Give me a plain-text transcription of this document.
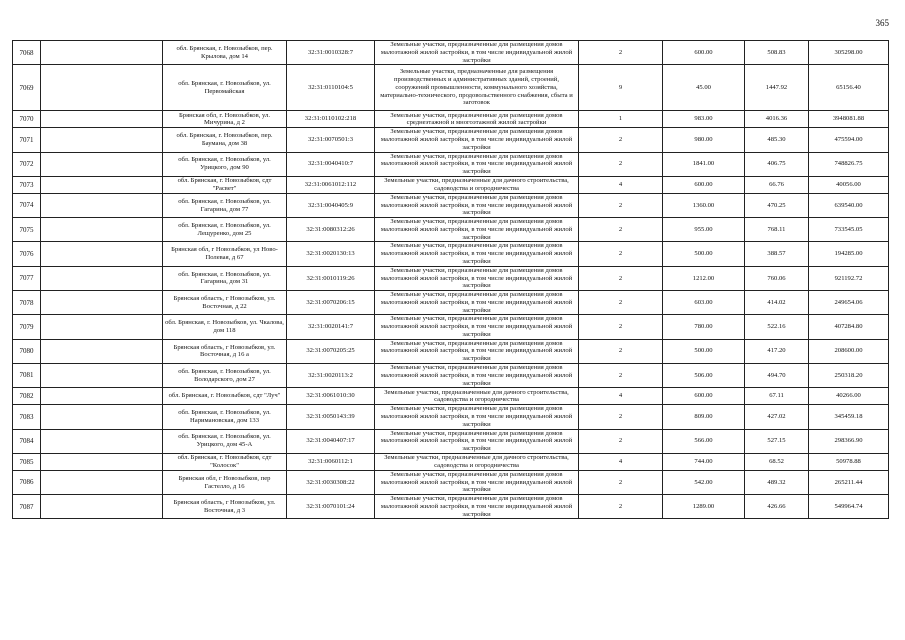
365
7068		обл. Брянская, г. Новозыбков, пер. Крылова, дом 14	32:31:0010328:7	Земельные участки, предназначенные для размещения домов малоэтажной жилой застройки, в том числе индивидуальной жилой застройки	2	600.00	508.83	305298.00
7069		обл. Брянская, г. Новозыбков, ул. Первомайская	32:31:0110104:5	Земельные участки, предназначенные для размещения производственных и административных зданий, строений, сооружений промышленности, коммунального хозяйства, материально-технического, продовольственного снабжения, сбыта и заготовок	9	45.00	1447.92	65156.40
7070		Брянская обл, г. Новозыбков, ул. Мичурина, д 2	32:31:0110102:218	Земельные участки, предназначенные для размещения домов среднеэтажной и многоэтажной жилой застройки	1	983.00	4016.36	3948081.88
7071		обл. Брянская, г. Новозыбков, пер. Баумана, дом 38	32:31:0070501:3	Земельные участки, предназначенные для размещения домов малоэтажной жилой застройки, в том числе индивидуальной жилой застройки	2	980.00	485.30	475594.00
7072		обл. Брянская, г. Новозыбков, ул. Урицкого, дом 90	32:31:0040410:7	Земельные участки, предназначенные для размещения домов малоэтажной жилой застройки, в том числе индивидуальной жилой застройки	2	1841.00	406.75	748826.75
7073		обл. Брянская, г. Новозыбков, сдт "Расвет"	32:31:0061012:112	Земельные участки, предназначенные для дачного строительства, садоводства и огородничества	4	600.00	66.76	40056.00
7074		обл. Брянская, г. Новозыбков, ул. Гагарина, дом 77	32:31:0040405:9	Земельные участки, предназначенные для размещения домов малоэтажной жилой застройки, в том числе индивидуальной жилой застройки	2	1360.00	470.25	639540.00
7075		обл. Брянская, г. Новозыбков, ул. Лещуренко, дом 25	32:31:0080312:26	Земельные участки, предназначенные для размещения домов малоэтажной жилой застройки, в том числе индивидуальной жилой застройки	2	955.00	768.11	733545.05
7076		Брянская обл, г Новозыбков, ул Ново-Полевая, д 67	32:31:0020130:13	Земельные участки, предназначенные для размещения домов малоэтажной жилой застройки, в том числе индивидуальной жилой застройки	2	500.00	388.57	194285.00
7077		обл. Брянская, г. Новозыбков, ул. Гагарина, дом 31	32:31:0010119:26	Земельные участки, предназначенные для размещения домов малоэтажной жилой застройки, в том числе индивидуальной жилой застройки	2	1212.00	760.06	921192.72
7078		Брянская область, г Новозыбков, ул. Восточная, д 22	32:31:0070206:15	Земельные участки, предназначенные для размещения домов малоэтажной жилой застройки, в том числе индивидуальной жилой застройки	2	603.00	414.02	249654.06
7079		обл. Брянская, г. Новозыбков, ул. Чкалова, дом 118	32:31:0020141:7	Земельные участки, предназначенные для размещения домов малоэтажной жилой застройки, в том числе индивидуальной жилой застройки	2	780.00	522.16	407284.80
7080		Брянская область, г Новозыбков, ул. Восточная, д 16 а	32:31:0070205:25	Земельные участки, предназначенные для размещения домов малоэтажной жилой застройки, в том числе индивидуальной жилой застройки	2	500.00	417.20	208600.00
7081		обл. Брянская, г. Новозыбков, ул. Володарского, дом 27	32:31:0020113:2	Земельные участки, предназначенные для размещения домов малоэтажной жилой застройки, в том числе индивидуальной жилой застройки	2	506.00	494.70	250318.20
7082		обл. Брянская, г. Новозыбков, сдт "Луч"	32:31:0061010:30	Земельные участки, предназначенные для дачного строительства, садоводства и огородничества	4	600.00	67.11	40266.00
7083		обл. Брянская, г. Новозыбков, ул. Наримановская, дом 133	32:31:0050143:39	Земельные участки, предназначенные для размещения домов малоэтажной жилой застройки, в том числе индивидуальной жилой застройки	2	809.00	427.02	345459.18
7084		обл. Брянская, г. Новозыбков, ул. Урицкого, дом 45-А	32:31:0040407:17	Земельные участки, предназначенные для размещения домов малоэтажной жилой застройки, в том числе индивидуальной жилой застройки	2	566.00	527.15	298366.90
7085		обл. Брянская, г. Новозыбков, сдт "Колосок"	32:31:0060112:1	Земельные участки, предназначенные для дачного строительства, садоводства и огородничества	4	744.00	68.52	50978.88
7086		Брянская обл, г Новозыбков, пер Гастелло, д 16	32:31:0030308:22	Земельные участки, предназначенные для размещения домов малоэтажной жилой застройки, в том числе индивидуальной жилой застройки	2	542.00	489.32	265211.44
7087		Брянская область, г Новозыбков, ул. Восточная, д 3	32:31:0070101:24	Земельные участки, предназначенные для размещения домов малоэтажной жилой застройки, в том числе индивидуальной жилой застройки	2	1289.00	426.66	549964.74
